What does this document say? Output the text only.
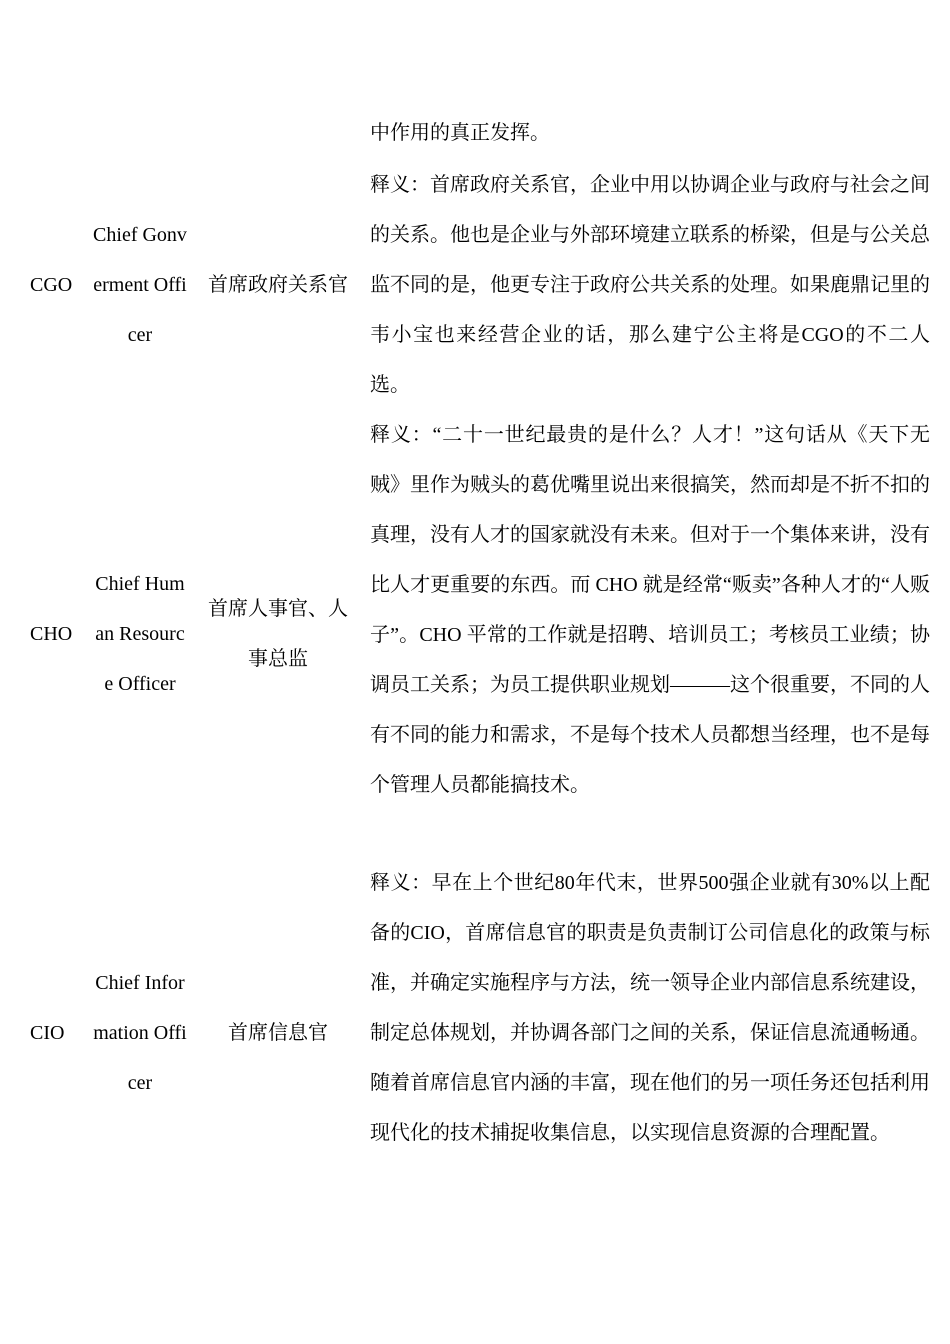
中作用的真正发挥。

CGO
Chief Gonverment Officer
首席政府关系官

释义：首席政府关系官，企业中用以协调企业与政府与社会之间的关系。他也是企业与外部环境建立联系的桥梁，但是与公关总监不同的是，他更专注于政府公共关系的处理。如果鹿鼎记里的韦小宝也来经营企业的话，那么建宁公主将是CGO的不二人选。

CHO
Chief Human Resource Officer
首席人事官、人事总监

释义：“二十一世纪最贵的是什么？人才！”这句话从《天下无贼》里作为贼头的葛优嘴里说出来很搞笑，然而却是不折不扣的真理，没有人才的国家就没有未来。但对于一个集体来讲，没有比人才更重要的东西。而 CHO 就是经常“贩卖”各种人才的“人贩子”。CHO 平常的工作就是招聘、培训员工；考核员工业绩；协调员工关系；为员工提供职业规划———这个很重要，不同的人有不同的能力和需求，不是每个技术人员都想当经理，也不是每个管理人员都能搞技术。

CIO
Chief Information Officer
首席信息官

释义：早在上个世纪80年代末，世界500强企业就有30%以上配备的CIO，首席信息官的职责是负责制订公司信息化的政策与标准，并确定实施程序与方法，统一领导企业内部信息系统建设，制定总体规划，并协调各部门之间的关系，保证信息流通畅通。随着首席信息官内涵的丰富，现在他们的另一项任务还包括利用现代化的技术捕捉收集信息，以实现信息资源的合理配置。
